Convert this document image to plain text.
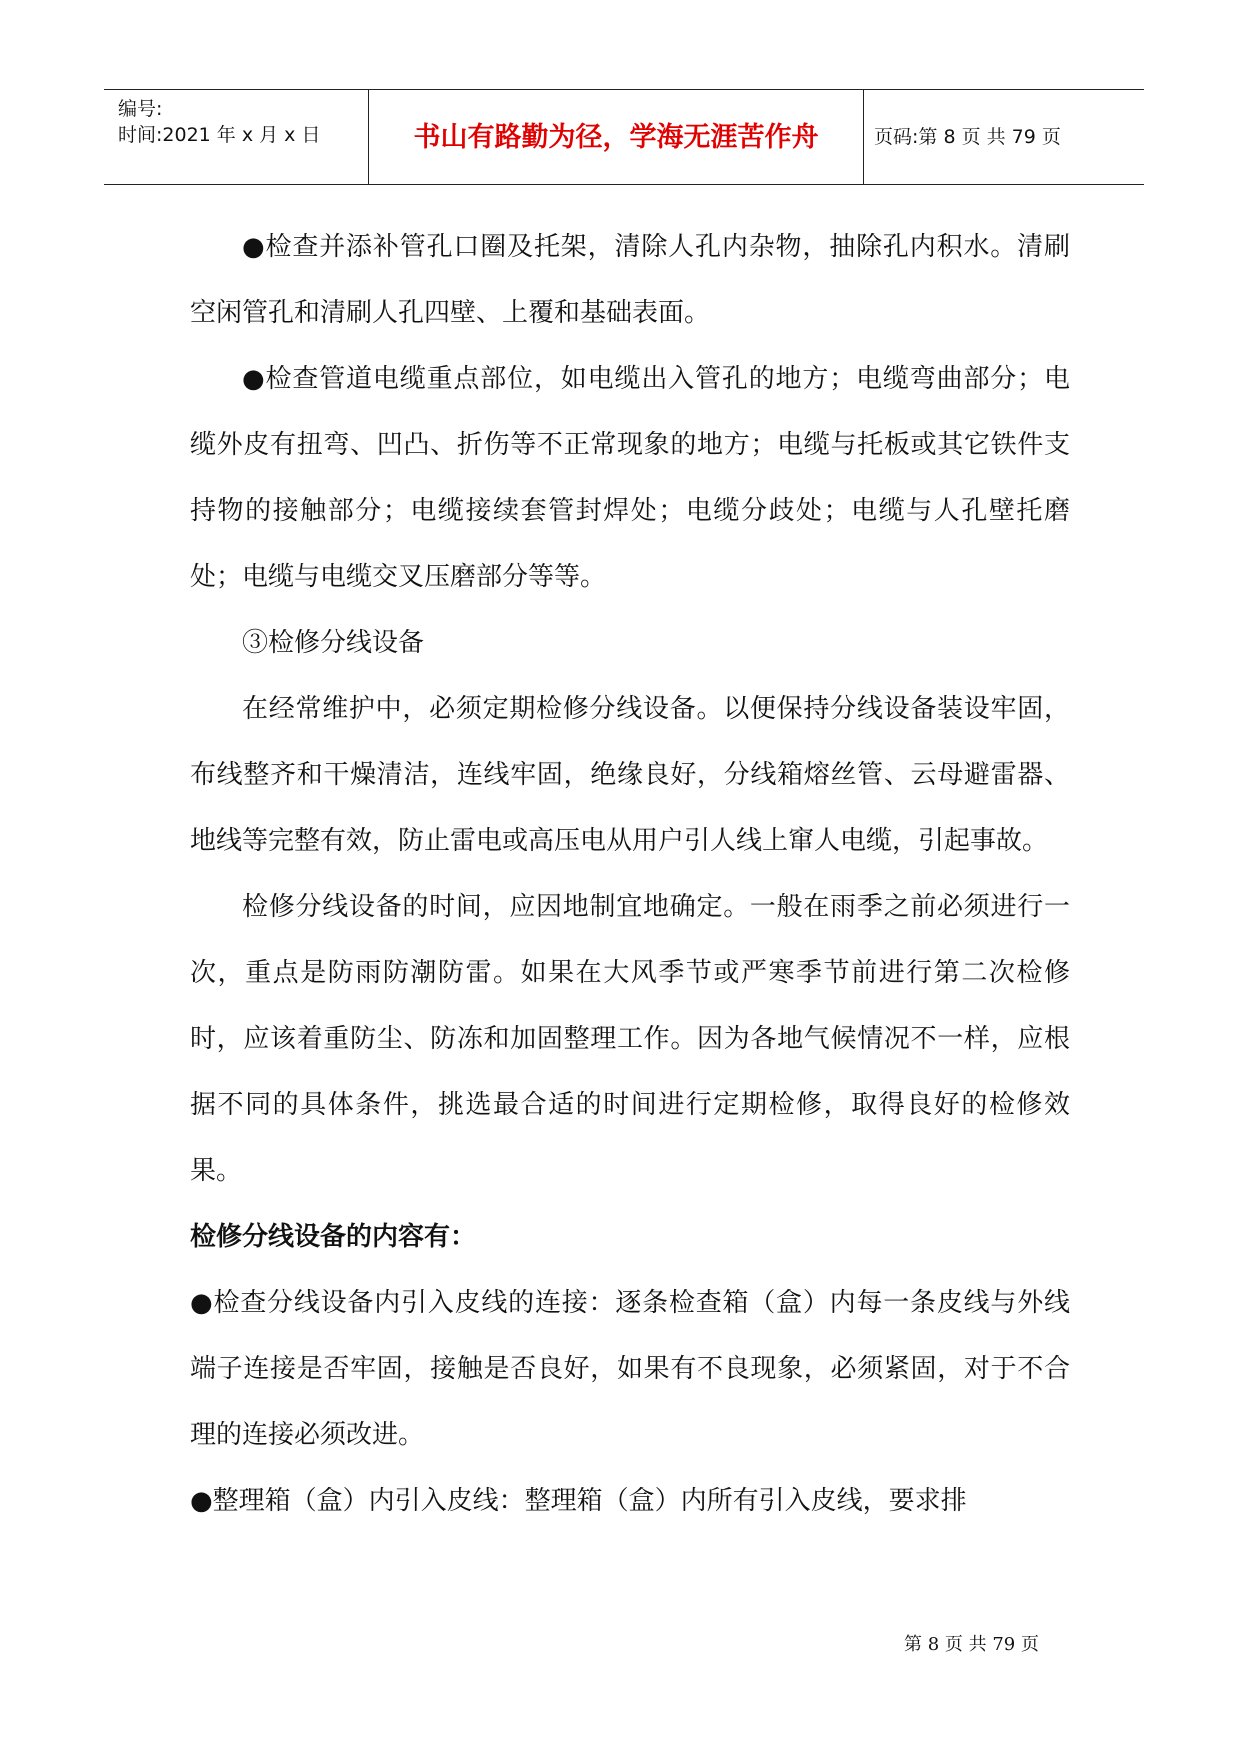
编号:
时间:2021 年 x 月 x 日	书山有路勤为径，学海无涯苦作舟	页码:第 8 页 共 79 页

●检查并添补管孔口圈及托架，清除人孔内杂物，抽除孔内积水。清刷空闲管孔和清刷人孔四壁、上覆和基础表面。

●检查管道电缆重点部位，如电缆出入管孔的地方；电缆弯曲部分；电缆外皮有扭弯、凹凸、折伤等不正常现象的地方；电缆与托板或其它铁件支持物的接触部分；电缆接续套管封焊处；电缆分歧处；电缆与人孔壁托磨处；电缆与电缆交叉压磨部分等等。

③检修分线设备

在经常维护中，必须定期检修分线设备。以便保持分线设备装设牢固，布线整齐和干燥清洁，连线牢固，绝缘良好，分线箱熔丝管、云母避雷器、地线等完整有效，防止雷电或高压电从用户引人线上窜人电缆，引起事故。

检修分线设备的时间，应因地制宜地确定。一般在雨季之前必须进行一次，重点是防雨防潮防雷。如果在大风季节或严寒季节前进行第二次检修时，应该着重防尘、防冻和加固整理工作。因为各地气候情况不一样，应根据不同的具体条件，挑选最合适的时间进行定期检修，取得良好的检修效果。

检修分线设备的内容有：

●检查分线设备内引入皮线的连接：逐条检查箱（盒）内每一条皮线与外线端子连接是否牢固，接触是否良好，如果有不良现象，必须紧固，对于不合理的连接必须改进。

●整理箱（盒）内引入皮线：整理箱（盒）内所有引入皮线，要求排

第 8 页 共 79 页
